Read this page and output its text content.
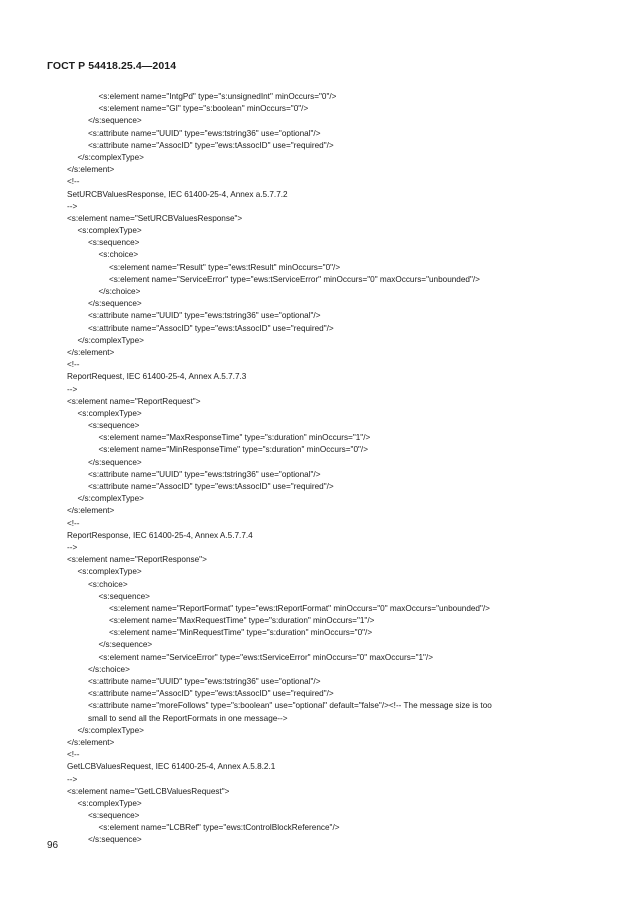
ГОСТ Р 54418.25.4—2014
<s:element name="IntgPd" type="s:unsignedInt" minOccurs="0"/>
<s:element name="GI" type="s:boolean" minOccurs="0"/>
</s:sequence>
<s:attribute name="UUID" type="ews:tstring36" use="optional"/>
<s:attribute name="AssocID" type="ews:tAssocID" use="required"/>
</s:complexType>
</s:element>
<!--
SetURCBValuesResponse, IEC 61400-25-4, Annex a.5.7.7.2
-->
<s:element name="SetURCBValuesResponse">
<s:complexType>
<s:sequence>
<s:choice>
<s:element name="Result" type="ews:tResult" minOccurs="0"/>
<s:element name="ServiceError" type="ews:tServiceError" minOccurs="0" maxOccurs="unbounded"/>
</s:choice>
</s:sequence>
<s:attribute name="UUID" type="ews:tstring36" use="optional"/>
<s:attribute name="AssocID" type="ews:tAssocID" use="required"/>
</s:complexType>
</s:element>
<!--
ReportRequest, IEC 61400-25-4, Annex A.5.7.7.3
-->
<s:element name="ReportRequest">
<s:complexType>
<s:sequence>
<s:element name="MaxResponseTime" type="s:duration" minOccurs="1"/>
<s:element name="MinResponseTime" type="s:duration" minOccurs="0"/>
</s:sequence>
<s:attribute name="UUID" type="ews:tstring36" use="optional"/>
<s:attribute name="AssocID" type="ews:tAssocID" use="required"/>
</s:complexType>
</s:element>
<!--
ReportResponse, IEC 61400-25-4, Annex A.5.7.7.4
-->
<s:element name="ReportResponse">
<s:complexType>
<s:choice>
<s:sequence>
<s:element name="ReportFormat" type="ews:tReportFormat" minOccurs="0" maxOccurs="unbounded"/>
<s:element name="MaxRequestTime" type="s:duration" minOccurs="1"/>
<s:element name="MinRequestTime" type="s:duration" minOccurs="0"/>
</s:sequence>
<s:element name="ServiceError" type="ews:tServiceError" minOccurs="0" maxOccurs="1"/>
</s:choice>
<s:attribute name="UUID" type="ews:tstring36" use="optional"/>
<s:attribute name="AssocID" type="ews:tAssocID" use="required"/>
<s:attribute name="moreFollows" type="s:boolean" use="optional" default="false"/><!-- The message size is too
small to send all the ReportFormats in one message-->
</s:complexType>
</s:element>
<!--
GetLCBValuesRequest, IEC 61400-25-4, Annex A.5.8.2.1
-->
<s:element name="GetLCBValuesRequest">
<s:complexType>
<s:sequence>
<s:element name="LCBRef" type="ews:tControlBlockReference"/>
</s:sequence>
96
